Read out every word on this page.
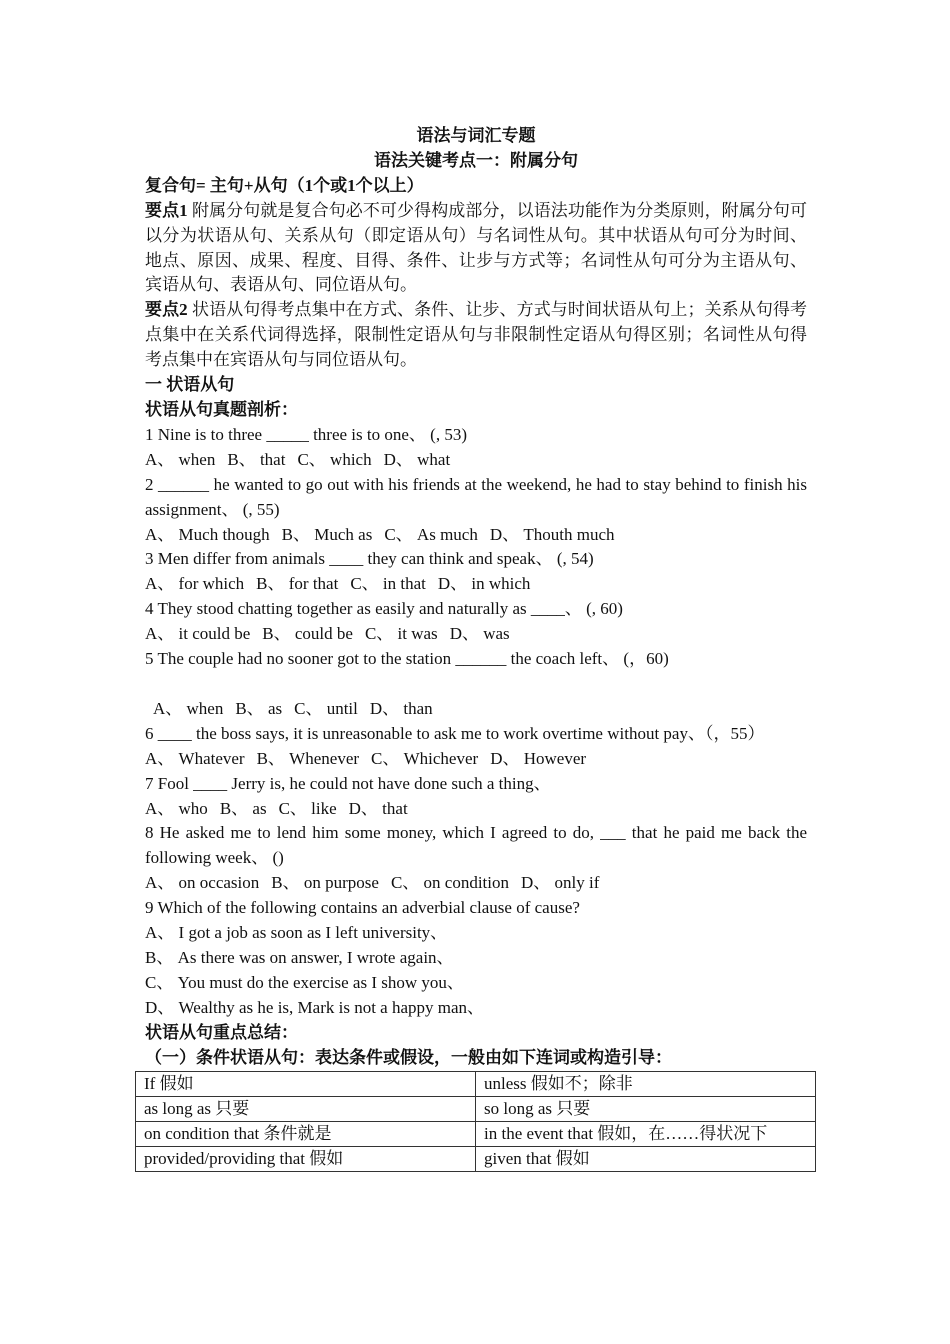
语法与词汇专题

语法关键考点一：附属分句

复合句= 主句+从句（1个或1个以上）

要点1 附属分句就是复合句必不可少得构成部分，以语法功能作为分类原则，附属分句可以分为状语从句、关系从句（即定语从句）与名词性从句。其中状语从句可分为时间、地点、原因、成果、程度、目得、条件、让步与方式等；名词性从句可分为主语从句、宾语从句、表语从句、同位语从句。

要点2 状语从句得考点集中在方式、条件、让步、方式与时间状语从句上；关系从句得考点集中在关系代词得选择，限制性定语从句与非限制性定语从句得区别；名词性从句得考点集中在宾语从句与同位语从句。

一 状语从句

状语从句真题剖析：

1 Nine is to three _____ three is to one、 (, 53)

A、 when B、 that C、 which D、 what

2 ______ he wanted to go out with his friends at the weekend, he had to stay behind to finish his assignment、 (, 55)

A、 Much though B、 Much as C、 As much D、 Thouth much

3 Men differ from animals ____ they can think and speak、 (, 54)

A、 for which B、 for that C、 in that D、 in which

4 They stood chatting together as easily and naturally as ____、 (, 60)

A、 it could be B、 could be C、 it was D、 was

5 The couple had no sooner got to the station ______ the coach left、 (，60)

A、 when B、 as C、 until D、 than

6 ____ the boss says, it is unreasonable to ask me to work overtime without pay、（，55）

A、 Whatever B、 Whenever C、 Whichever D、 However

7 Fool ____ Jerry is, he could not have done such a thing、

A、 who B、 as C、 like D、 that

8 He asked me to lend him some money, which I agreed to do, ___ that he paid me back the following week、 ()

A、 on occasion B、 on purpose C、 on condition D、 only if

9 Which of the following contains an adverbial clause of cause?

A、 I got a job as soon as I left university、

B、 As there was on answer, I wrote again、

C、 You must do the exercise as I show you、

D、 Wealthy as he is, Mark is not a happy man、

状语从句重点总结：

（一）条件状语从句：表达条件或假设，一般由如下连词或构造引导：

If 假如	unless 假如不；除非
as long as 只要	so long as 只要
on condition that 条件就是	in the event that 假如，在……得状况下
provided/providing that 假如	given that 假如
